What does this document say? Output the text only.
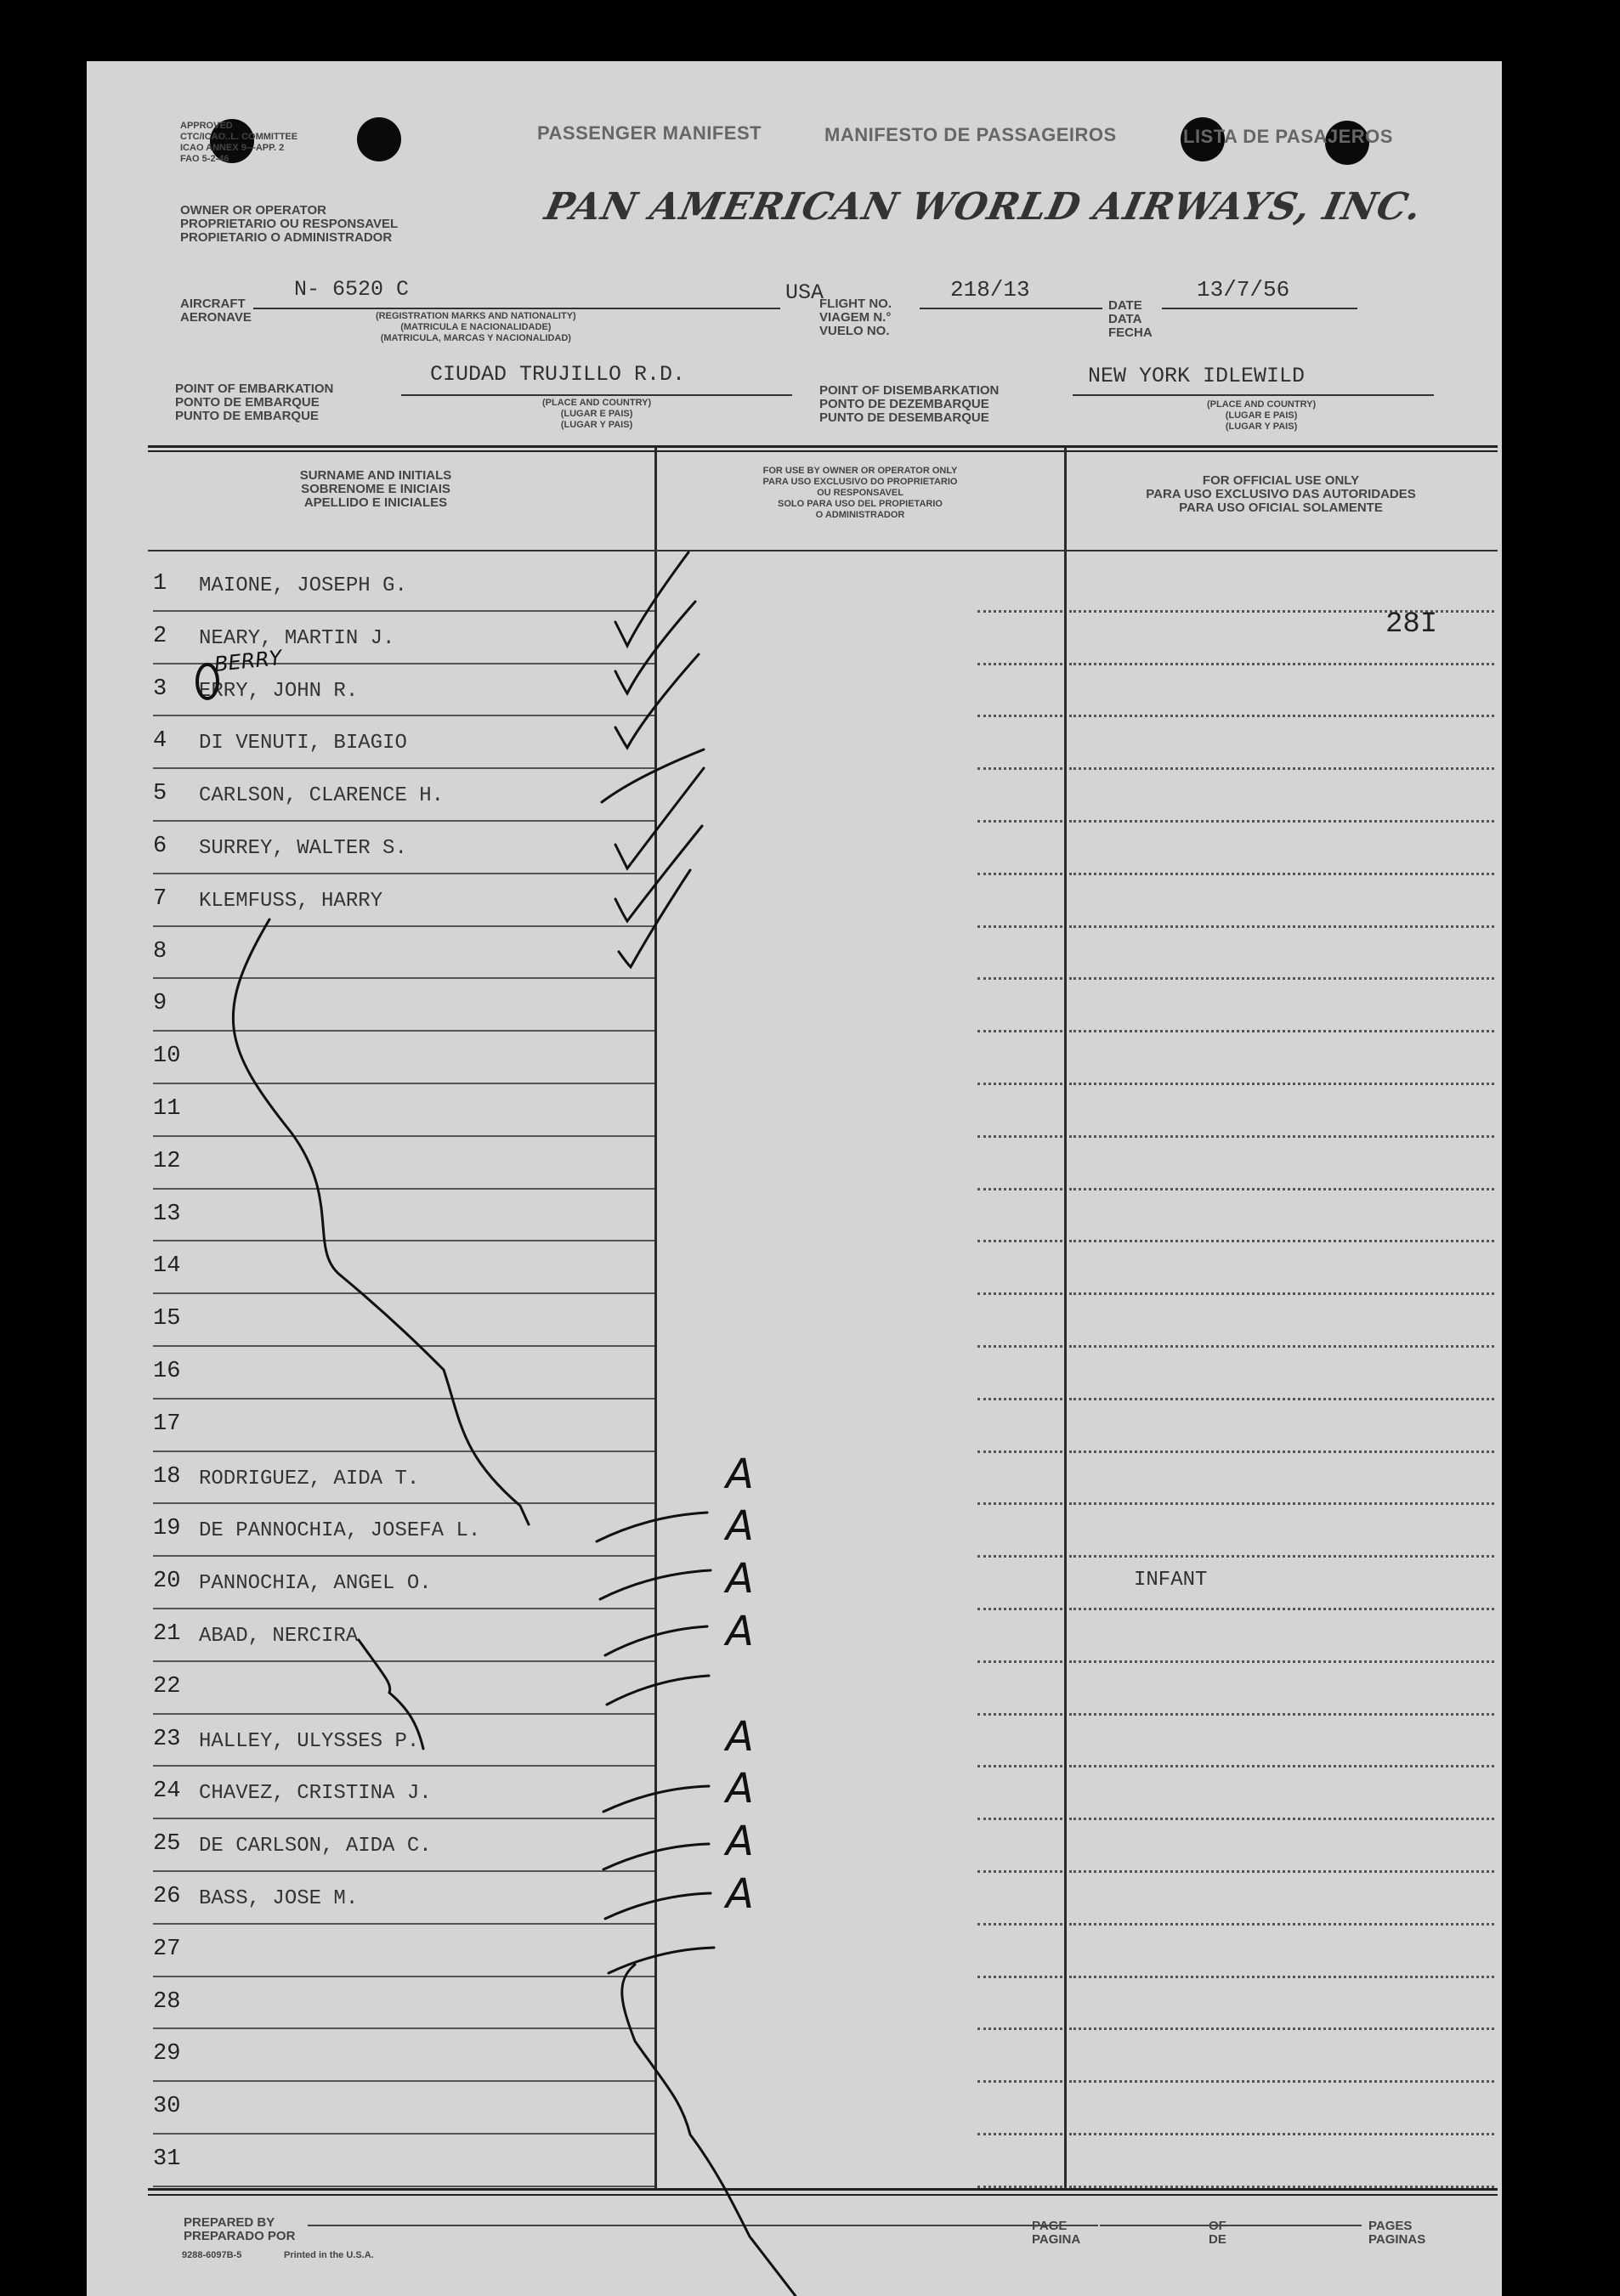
APPROVED
CTC/ICAO..L. COMMITTEE
ICAO ANNEX 9—APP. 2
FAO 5-2-46
PASSENGER MANIFEST	MANIFESTO DE PASSAGEIROS	LISTA DE PASAJEROS
OWNER OR OPERATOR
PROPRIETARIO OU RESPONSAVEL
PROPIETARIO O ADMINISTRADOR
PAN AMERICAN WORLD AIRWAYS, INC.
AIRCRAFT
AERONAVE
N- 6520 C
(REGISTRATION MARKS AND NATIONALITY)
(MATRICULA E NACIONALIDADE)
(MATRICULA, MARCAS Y NACIONALIDAD)
USA
FLIGHT NO.
VIAGEM N.°
VUELO NO.
218/13
DATE
DATA
FECHA
13/7/56
POINT OF EMBARKATION
PONTO DE EMBARQUE
PUNTO DE EMBARQUE
CIUDAD TRUJILLO R.D.
(PLACE AND COUNTRY)
(LUGAR E PAIS)
(LUGAR Y PAIS)
POINT OF DISEMBARKATION
PONTO DE DEZEMBARQUE
PUNTO DE DESEMBARQUE
NEW YORK IDLEWILD
(PLACE AND COUNTRY)
(LUGAR E PAIS)
(LUGAR Y PAIS)
SURNAME AND INITIALS
SOBRENOME E INICIAIS
APELLIDO E INICIALES
FOR USE BY OWNER OR OPERATOR ONLY
PARA USO EXCLUSIVO DO PROPRIETARIO
OU RESPONSAVEL
SOLO PARA USO DEL PROPIETARIO
O ADMINISTRADOR
FOR OFFICIAL USE ONLY
PARA USO EXCLUSIVO DAS AUTORIDADES
PARA USO OFICIAL SOLAMENTE
1	MAIONE, JOSEPH G.
2	NEARY, MARTIN J.
3	ERRY, JOHN R.
4	DI VENUTI, BIAGIO
5	CARLSON, CLARENCE H.
6	SURREY, WALTER S.
7	KLEMFUSS, HARRY
8
9
10
11
12
13
14
15
16
17
18 RODRIGUEZ, AIDA T.	A
19 DE PANNOCHIA, JOSEFA L.	A
20 PANNOCHIA, ANGEL O.	A
21 ABAD, NERCIRA	A
22
23 HALLEY, ULYSSES P.	A
24 CHAVEZ, CRISTINA J.	A
25 DE CARLSON, AIDA C.	A
26 BASS, JOSE M.	A
27
28
29
30
31
28I
INFANT
BERRY
PREPARED BY
PREPARADO POR
9288-6097B-5	Printed in the U.S.A.
PAGE
PAGINA
OF
DE
PAGES
PAGINAS
